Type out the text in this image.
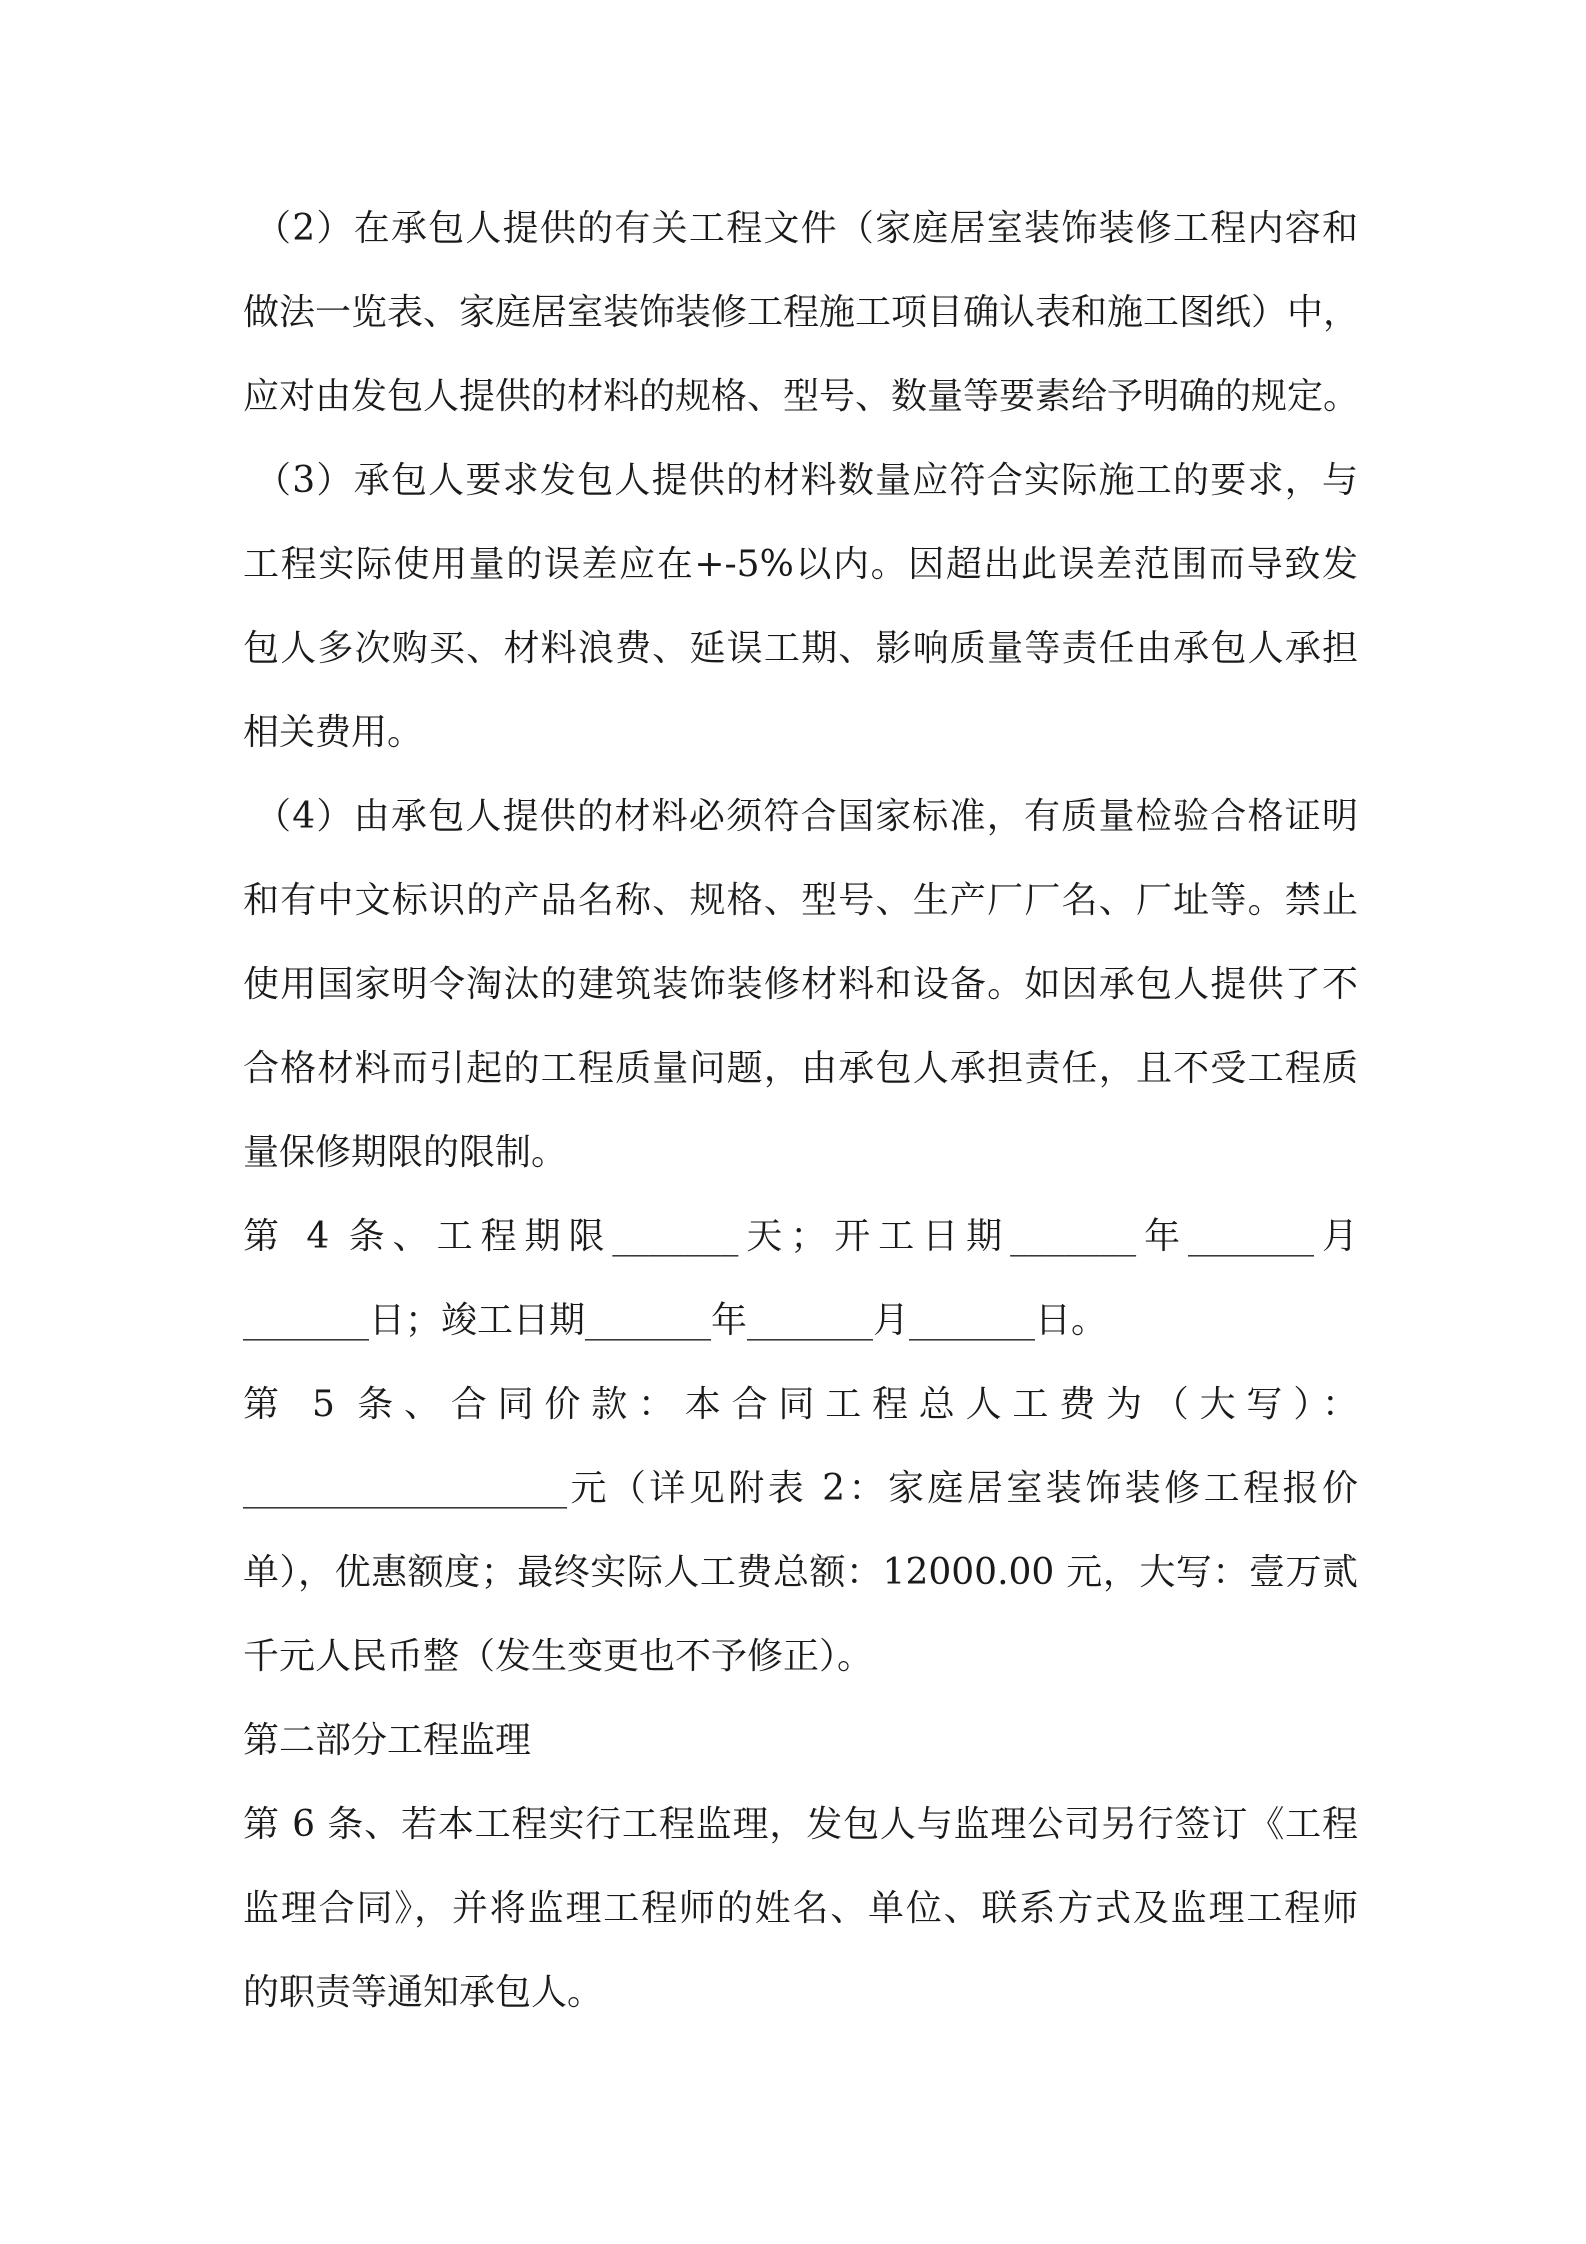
（2）在承包人提供的有关工程文件（家庭居室装饰装修工程内容和
做法一览表、家庭居室装饰装修工程施工项目确认表和施工图纸）中，
应对由发包人提供的材料的规格、型号、数量等要素给予明确的规定。
（3）承包人要求发包人提供的材料数量应符合实际施工的要求，与
工程实际使用量的误差应在+-5%以内。因超出此误差范围而导致发
包人多次购买、材料浪费、延误工期、影响质量等责任由承包人承担
相关费用。
（4）由承包人提供的材料必须符合国家标准，有质量检验合格证明
和有中文标识的产品名称、规格、型号、生产厂厂名、厂址等。禁止
使用国家明令淘汰的建筑装饰装修材料和设备。如因承包人提供了不
合格材料而引起的工程质量问题，由承包人承担责任，且不受工程质
量保修期限的限制。
第 4 条、工程期限_______天；开工日期_______年_______月
_______日；竣工日期_______年_______月_______日。
第 5 条、合同价款：本合同工程总人工费为（大写）：
__________________元（详见附表 2：家庭居室装饰装修工程报价
单），优惠额度；最终实际人工费总额：12000.00 元，大写：壹万贰
千元人民币整（发生变更也不予修正）。
第二部分工程监理
第 6 条、若本工程实行工程监理，发包人与监理公司另行签订《工程
监理合同》，并将监理工程师的姓名、单位、联系方式及监理工程师
的职责等通知承包人。
